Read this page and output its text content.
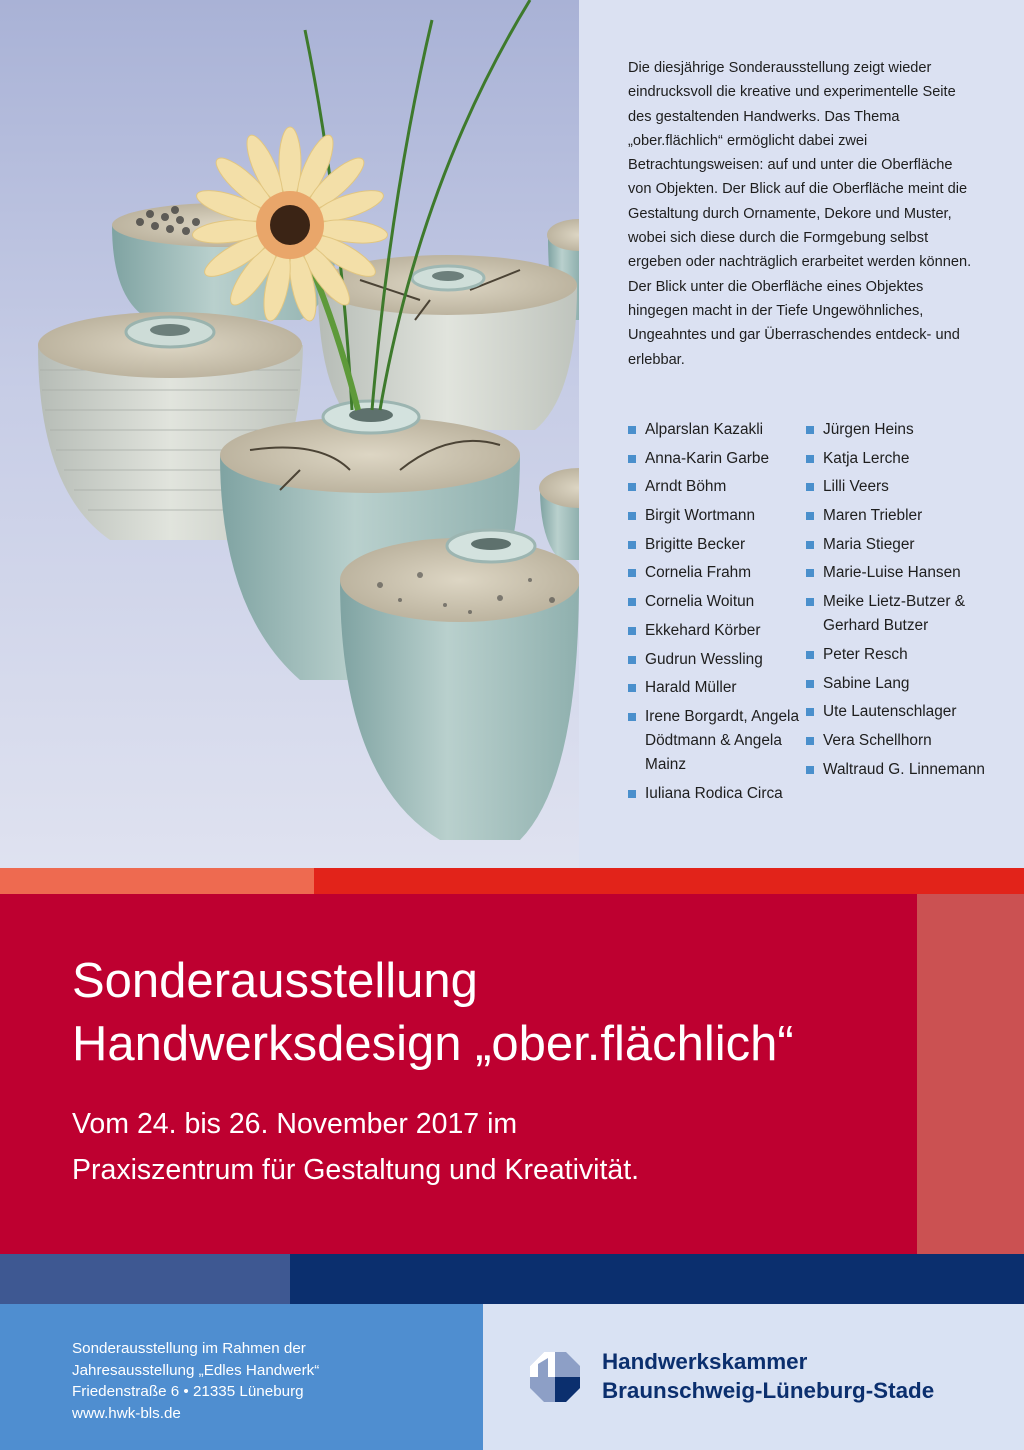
Die diesjährige Sonderausstellung zeigt wieder eindrucksvoll die kreative und experimentelle Seite des gestaltenden Handwerks. Das Thema „ober.flächlich“ ermöglicht dabei zwei Betrachtungsweisen: auf und unter die Oberfläche von Objekten. Der Blick auf die Oberfläche meint die Gestaltung durch Ornamente, Dekore und Muster, wobei sich diese durch die Formgebung selbst ergeben oder nachträglich erarbeitet werden können. Der Blick unter die Oberfläche eines Objektes hingegen macht in der Tiefe Ungewöhnliches, Ungeahntes und gar Überraschendes entdeck- und erlebbar.

Alparslan Kazakli
Anna-Karin Garbe
Arndt Böhm
Birgit Wortmann
Brigitte Becker
Cornelia Frahm
Cornelia Woitun
Ekkehard Körber
Gudrun Wessling
Harald Müller
Irene Borgardt, Angela Dödtmann & Angela Mainz
Iuliana Rodica Circa
Jürgen Heins
Katja Lerche
Lilli Veers
Maren Triebler
Maria Stieger
Marie-Luise Hansen
Meike Lietz-Butzer & Gerhard Butzer
Peter Resch
Sabine Lang
Ute Lautenschlager
Vera Schellhorn
Waltraud G. Linnemann
Sonderausstellung
Handwerksdesign „ober.flächlich“

Vom 24. bis 26. November 2017 im

Praxiszentrum für Gestaltung und Kreativität.

Sonderausstellung im Rahmen der
Jahresausstellung „Edles Handwerk“
Friedenstraße 6 • 21335 Lüneburg
www.hwk-bls.de

Handwerkskammer

Braunschweig-Lüneburg-Stade
